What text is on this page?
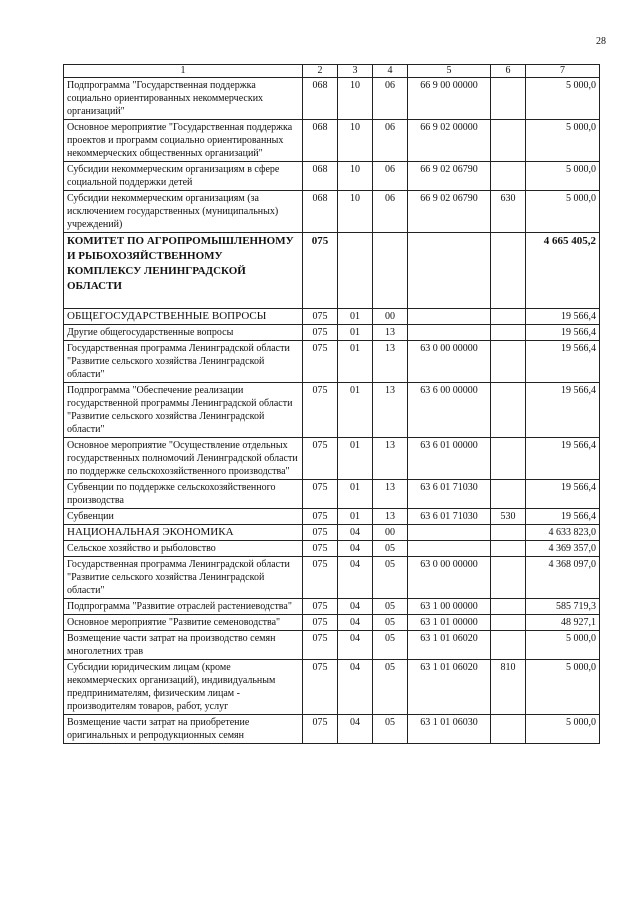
28
1	2	3	4	5	6	7
Подпрограмма "Государственная поддержка социально ориентированных некоммерческих организаций"	068	10	06	66 9 00 00000		5 000,0
Основное мероприятие "Государственная поддержка проектов и программ социально ориентированных некоммерческих общественных организаций"	068	10	06	66 9 02 00000		5 000,0
Субсидии некоммерческим организациям в сфере социальной поддержки детей	068	10	06	66 9 02 06790		5 000,0
Субсидии некоммерческим организациям (за исключением государственных (муниципальных) учреждений)	068	10	06	66 9 02 06790	630	5 000,0
КОМИТЕТ ПО АГРОПРОМЫШЛЕННОМУ И РЫБОХОЗЯЙСТВЕННОМУ КОМПЛЕКСУ ЛЕНИНГРАДСКОЙ ОБЛАСТИ	075					4 665 405,2
ОБЩЕГОСУДАРСТВЕННЫЕ ВОПРОСЫ	075	01	00			19 566,4
Другие общегосударственные вопросы	075	01	13			19 566,4
Государственная программа Ленинградской области "Развитие сельского хозяйства Ленинградской области"	075	01	13	63 0 00 00000		19 566,4
Подпрограмма "Обеспечение реализации государственной программы Ленинградской области "Развитие сельского хозяйства Ленинградской области"	075	01	13	63 6 00 00000		19 566,4
Основное мероприятие "Осуществление отдельных государственных полномочий Ленинградской области по поддержке сельскохозяйственного производства"	075	01	13	63 6 01 00000		19 566,4
Субвенции по поддержке сельскохозяйственного производства	075	01	13	63 6 01 71030		19 566,4
Субвенции	075	01	13	63 6 01 71030	530	19 566,4
НАЦИОНАЛЬНАЯ ЭКОНОМИКА	075	04	00			4 633 823,0
Сельское хозяйство и рыболовство	075	04	05			4 369 357,0
Государственная программа Ленинградской области "Развитие сельского хозяйства Ленинградской области"	075	04	05	63 0 00 00000		4 368 097,0
Подпрограмма "Развитие отраслей растениеводства"	075	04	05	63 1 00 00000		585 719,3
Основное мероприятие "Развитие семеноводства"	075	04	05	63 1 01 00000		48 927,1
Возмещение части затрат на производство семян многолетних трав	075	04	05	63 1 01 06020		5 000,0
Субсидии юридическим лицам (кроме некоммерческих организаций), индивидуальным предпринимателям, физическим лицам - производителям товаров, работ, услуг	075	04	05	63 1 01 06020	810	5 000,0
Возмещение части затрат на приобретение оригинальных и репродукционных семян	075	04	05	63 1 01 06030		5 000,0
